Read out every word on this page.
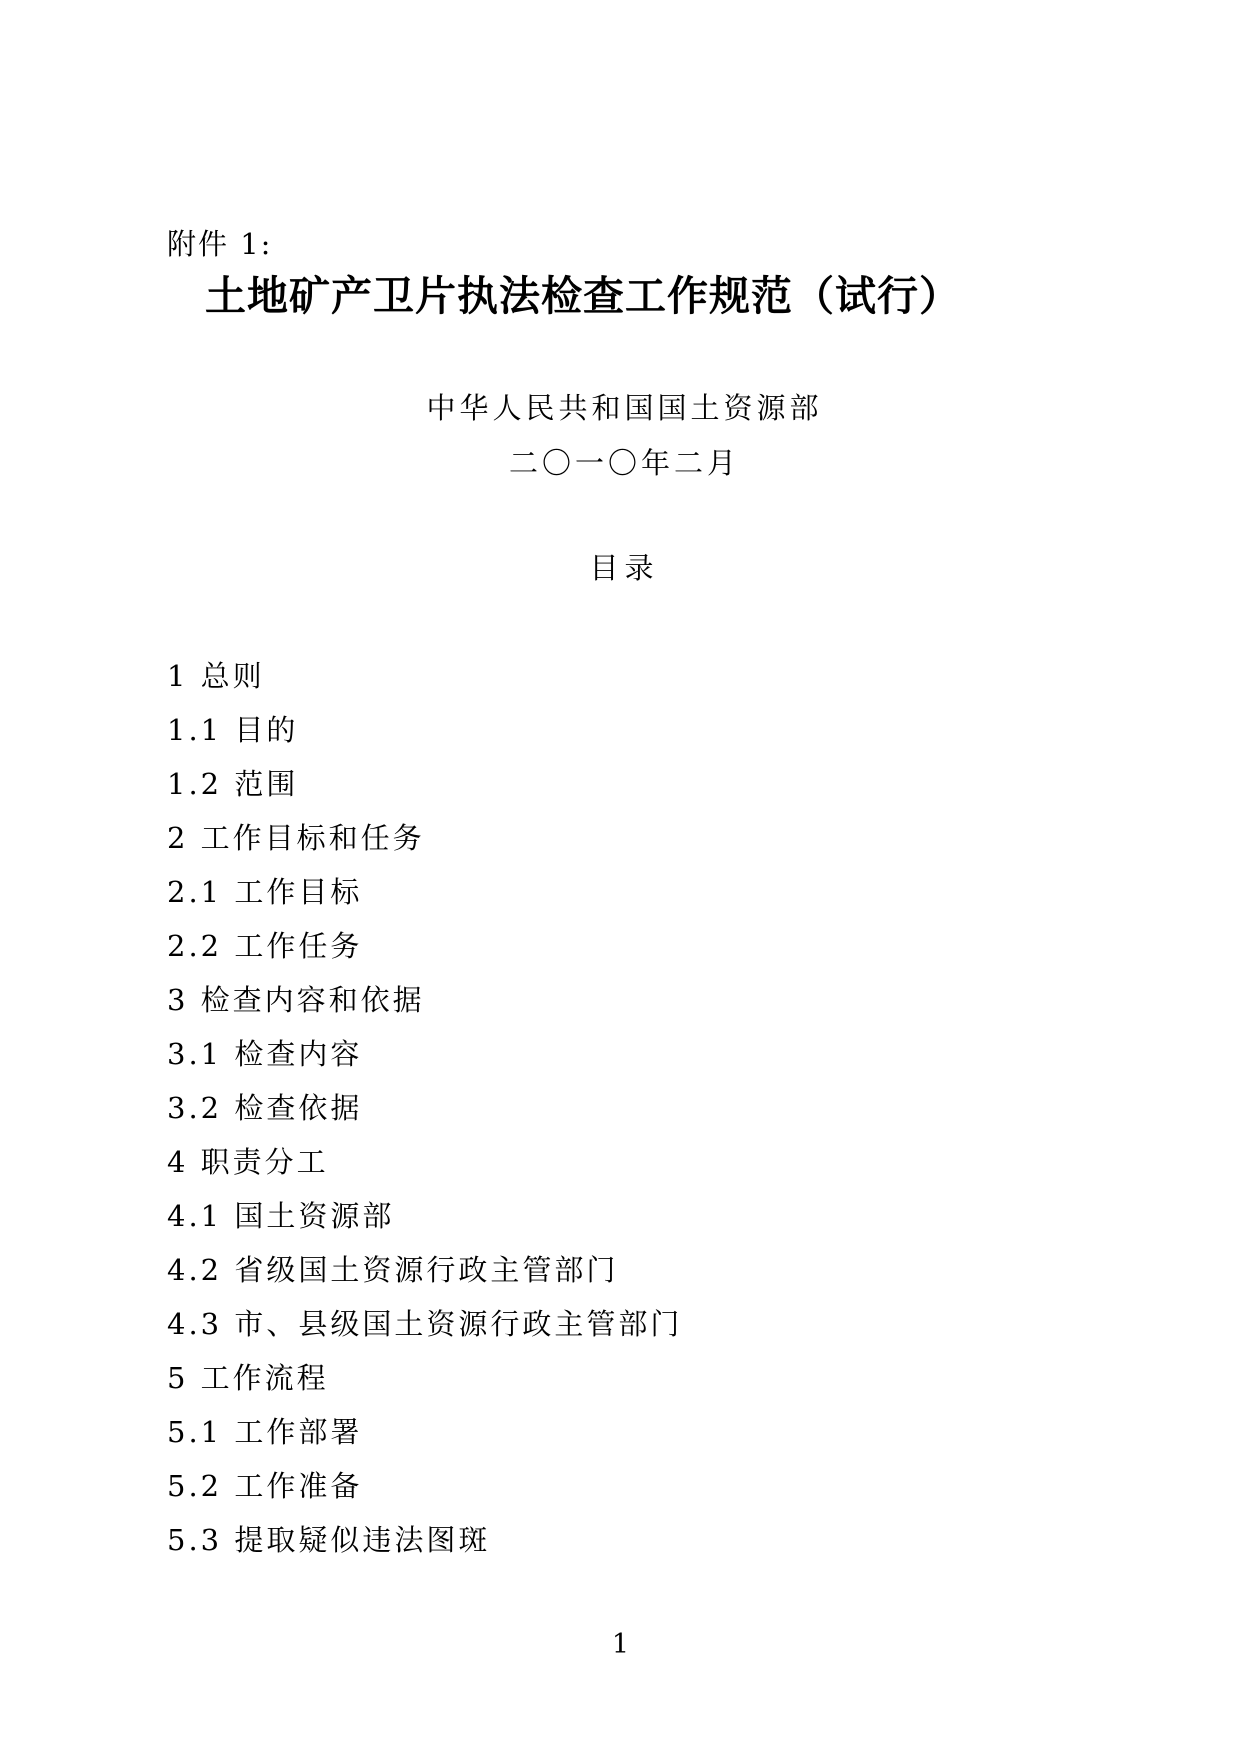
附件 1:
土地矿产卫片执法检查工作规范（试行）
中华人民共和国国土资源部
二〇一〇年二月
目录
1 总则
1.1 目的
1.2 范围
2 工作目标和任务
2.1 工作目标
2.2 工作任务
3 检查内容和依据
3.1 检查内容
3.2 检查依据
4 职责分工
4.1 国土资源部
4.2 省级国土资源行政主管部门
4.3 市、县级国土资源行政主管部门
5 工作流程
5.1 工作部署
5.2 工作准备
5.3 提取疑似违法图斑
1
